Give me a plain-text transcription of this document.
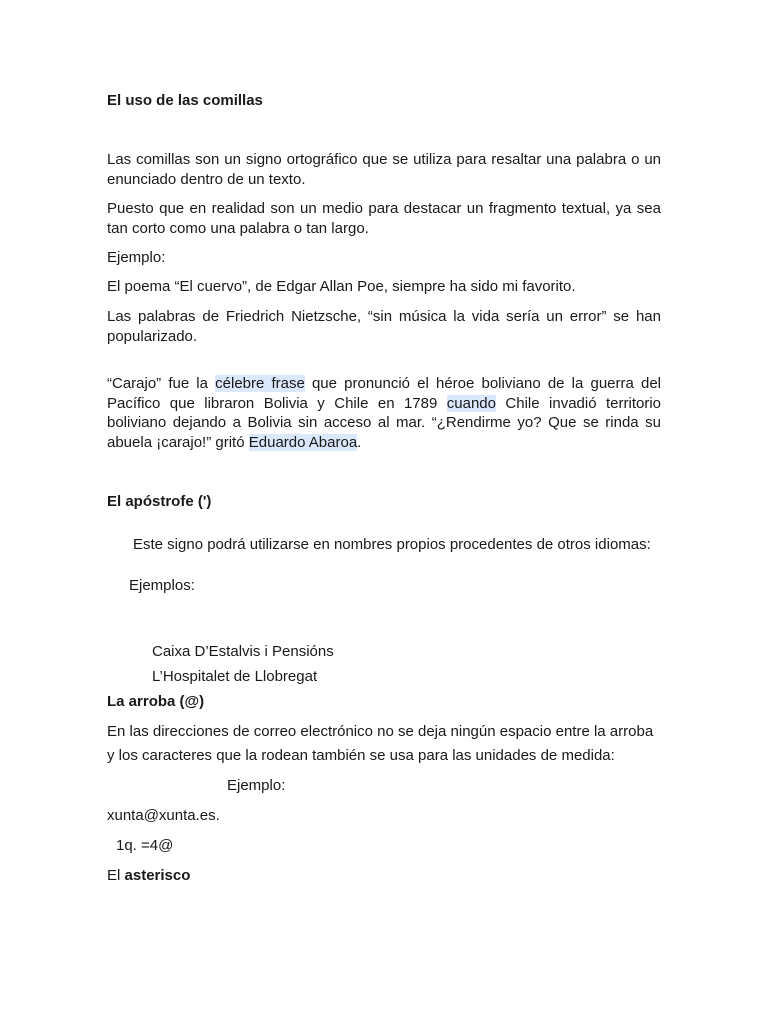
El uso de las comillas

Las comillas son un signo ortográfico que se utiliza para resaltar una palabra o un enunciado dentro de un texto.

Puesto que en realidad son un medio para destacar un fragmento textual, ya sea tan corto como una palabra o tan largo.

Ejemplo:

El poema “El cuervo”, de Edgar Allan Poe, siempre ha sido mi favorito.

Las palabras de Friedrich Nietzsche, “sin música la vida sería un error” se han popularizado.

“Carajo” fue la célebre frase que pronunció el héroe boliviano de la guerra del Pacífico que libraron Bolivia y Chile en 1789 cuando Chile invadió territorio boliviano dejando a Bolivia sin acceso al mar. “¿Rendirme yo? Que se rinda su abuela ¡carajo!” gritó Eduardo Abaroa.

El apóstrofe (')

Este signo podrá utilizarse en nombres propios procedentes de otros idiomas:

Ejemplos:

Caixa D’Estalvis i Pensións

L’Hospitalet de Llobregat

La arroba (@)

En las direcciones de correo electrónico no se deja ningún espacio entre la arroba y los caracteres que la rodean también se usa para las unidades de medida:

Ejemplo:

xunta@xunta.es.

1q. =4@

El asterisco
